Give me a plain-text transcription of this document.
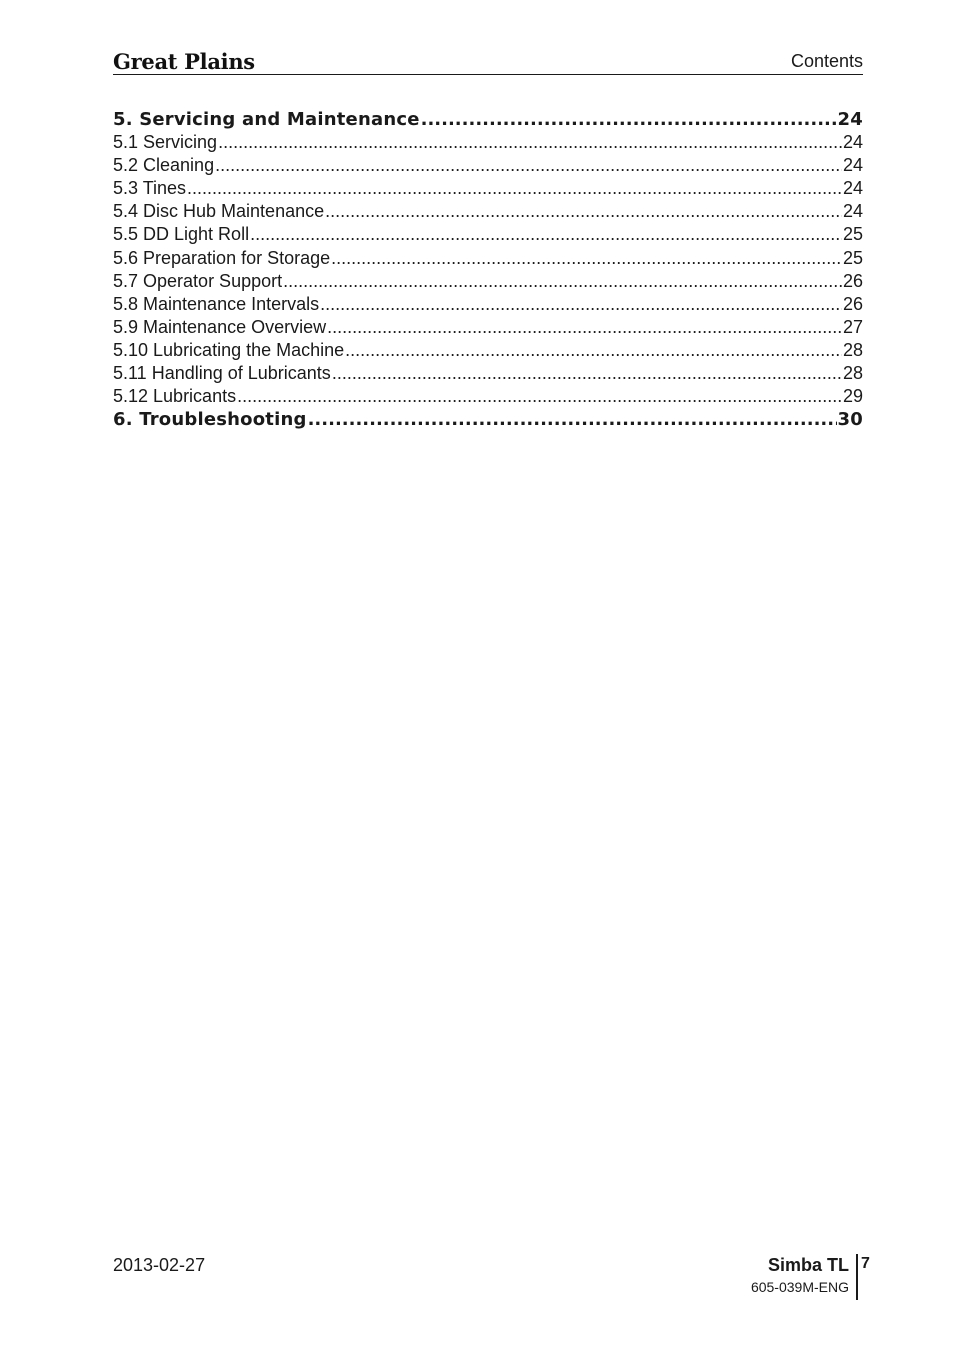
Great Plains	Contents
5. Servicing and Maintenance .....	24
5.1 Servicing .....	24
5.2 Cleaning .....	24
5.3 Tines .....	24
5.4 Disc Hub Maintenance .....	24
5.5 DD Light Roll .....	25
5.6 Preparation for Storage .....	25
5.7 Operator Support .....	26
5.8 Maintenance Intervals .....	26
5.9 Maintenance Overview .....	27
5.10 Lubricating the Machine .....	28
5.11 Handling of Lubricants .....	28
5.12 Lubricants .....	29
6. Troubleshooting .....	30
2013-02-27	Simba TL
605-039M-ENG
7
